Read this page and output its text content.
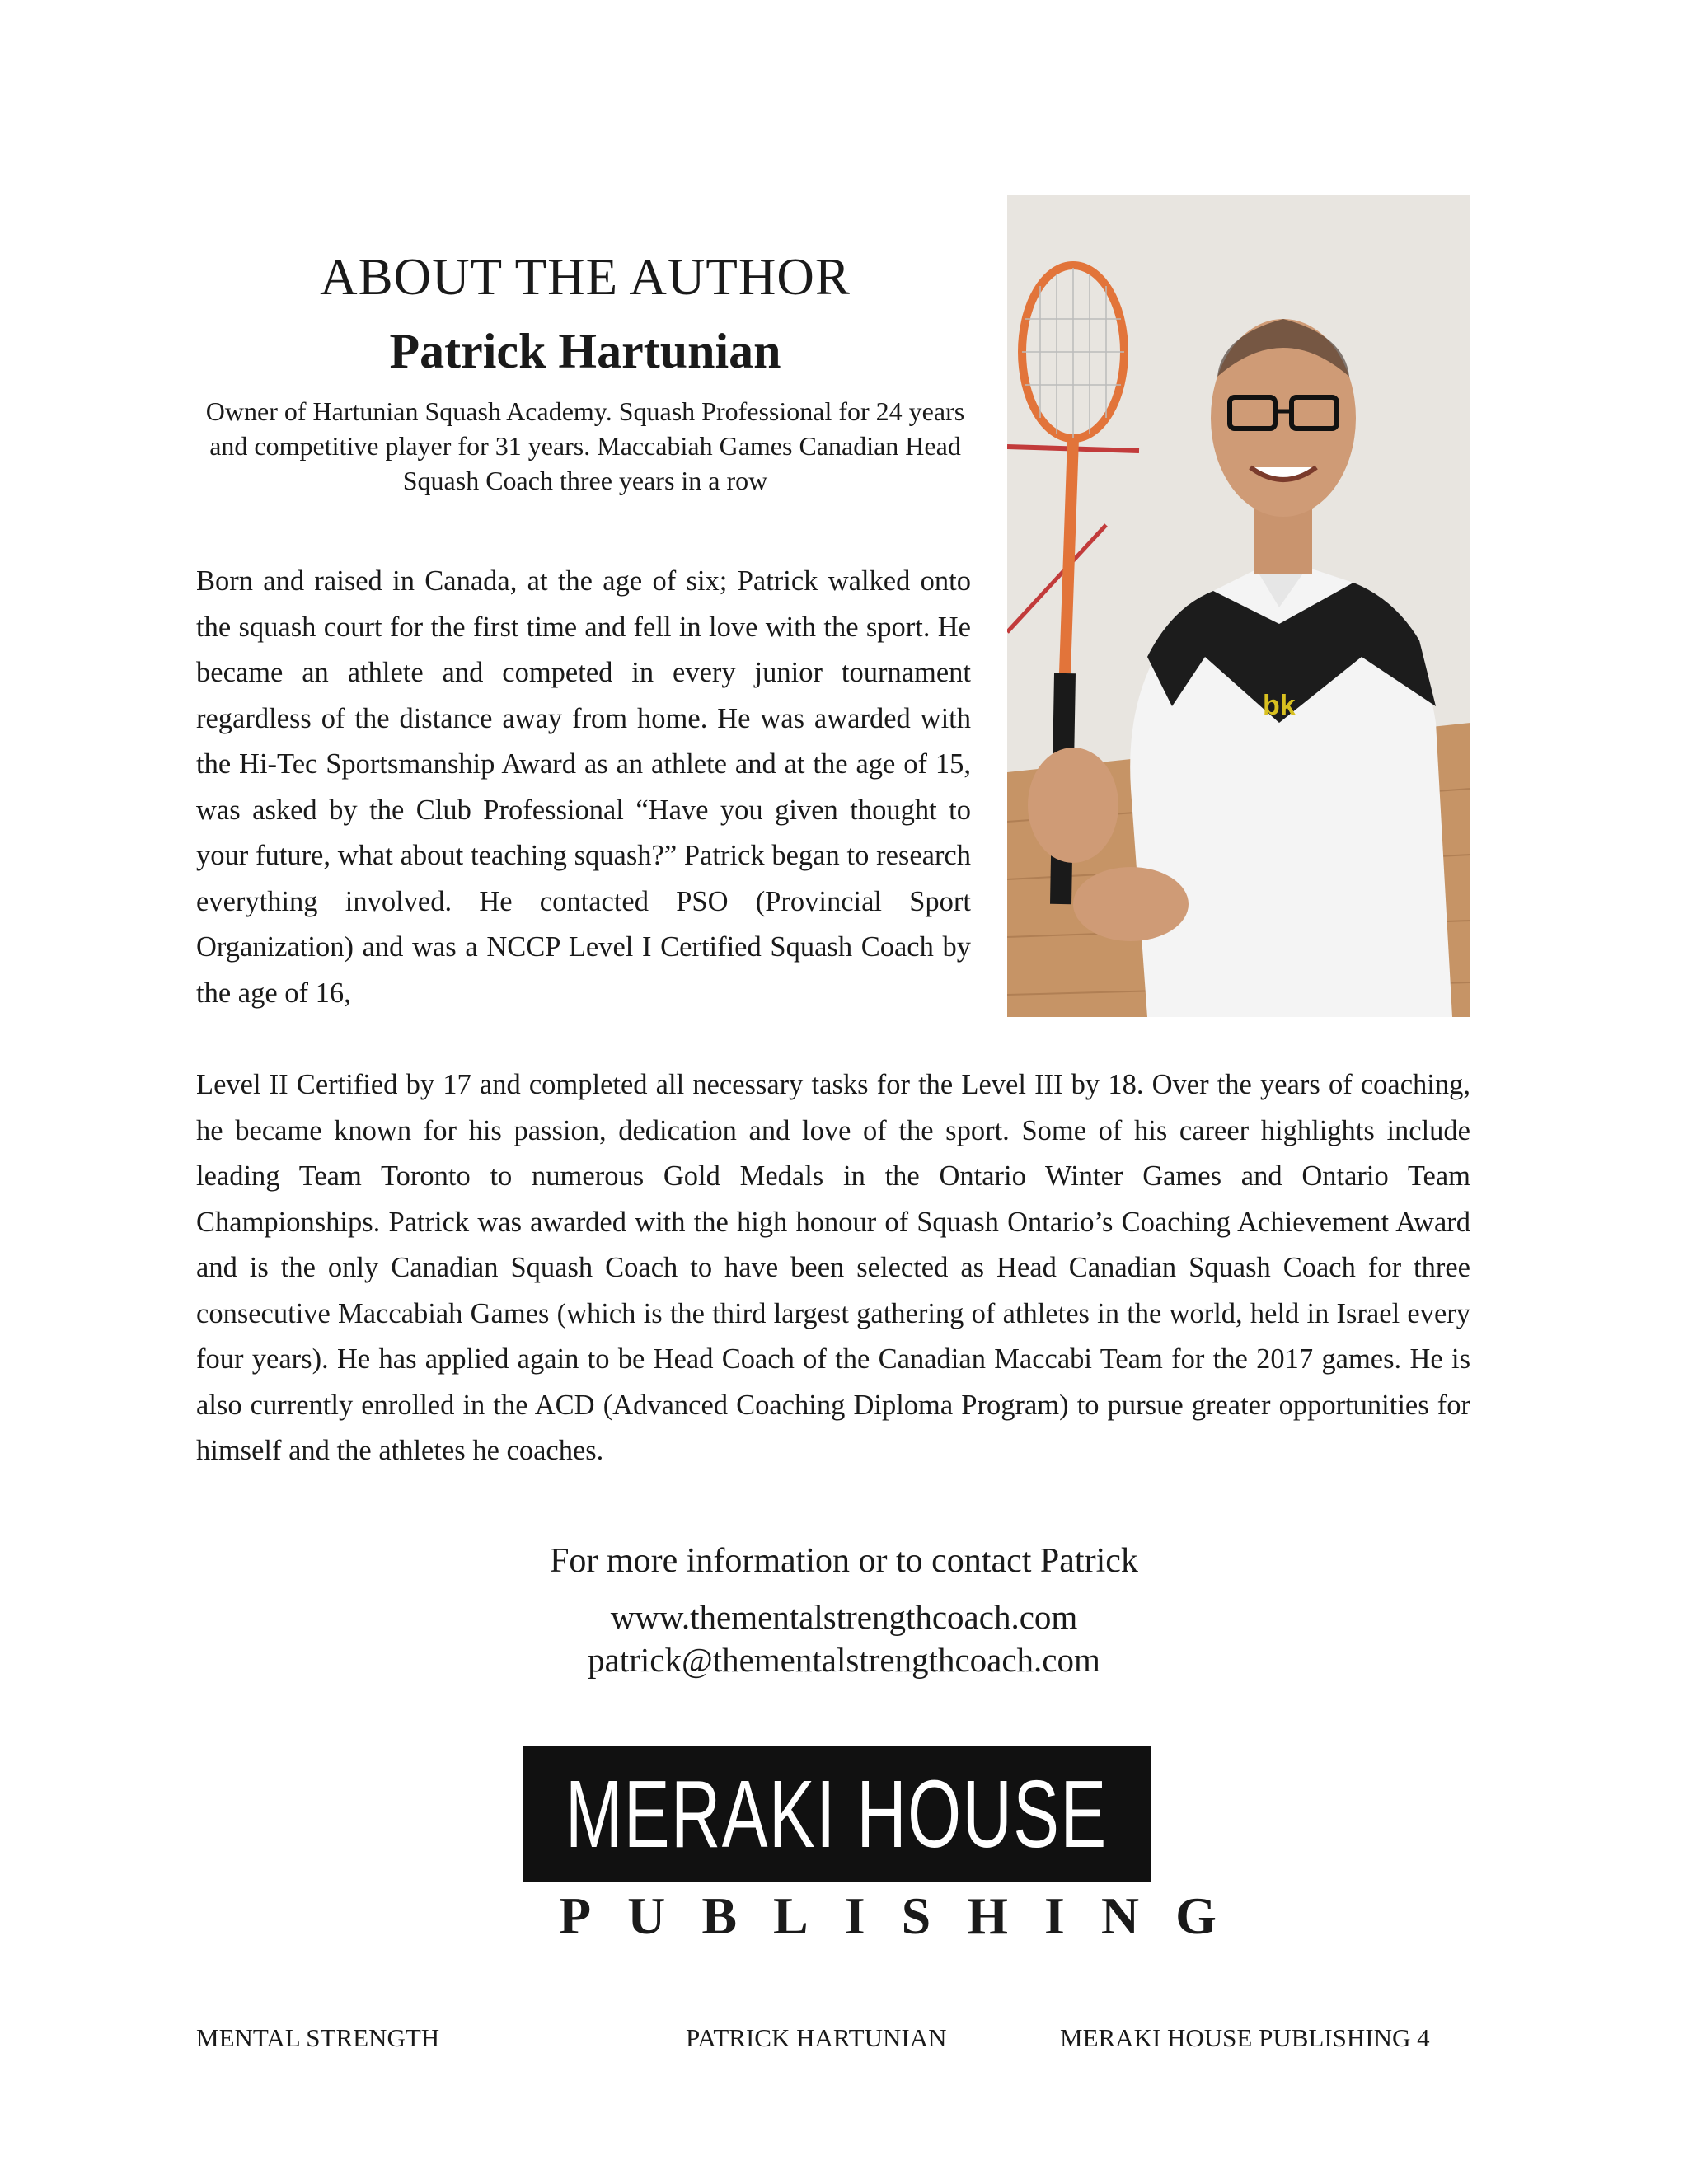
bk
ABOUT THE AUTHOR
Patrick Hartunian

Owner of Hartunian Squash Academy. Squash Professional for 24 years and competitive player for 31 years. Maccabiah Games Canadian Head Squash Coach three years in a row

Born and raised in Canada, at the age of six; Patrick walked onto the squash court for the first time and fell in love with the sport. He became an athlete and competed in every junior tournament regardless of the distance away from home. He was awarded with the Hi-Tec Sportsmanship Award as an athlete and at the age of 15, was asked by the Club Professional “Have you given thought to your future, what about teaching squash?” Patrick began to research everything involved. He contacted PSO (Provincial Sport Organization) and was a NCCP Level I Certified Squash Coach by the age of 16,

Level II Certified by 17 and completed all necessary tasks for the Level III by 18. Over the years of coaching, he became known for his passion, dedication and love of the sport. Some of his career highlights include leading Team Toronto to numerous Gold Medals in the Ontario Winter Games and Ontario Team Championships. Patrick was awarded with the high honour of Squash Ontario’s Coaching Achievement Award and is the only Canadian Squash Coach to have been selected as Head Canadian Squash Coach for three consecutive Maccabiah Games (which is the third largest gathering of athletes in the world, held in Israel every four years). He has applied again to be Head Coach of the Canadian Maccabi Team for the 2017 games. He is also currently enrolled in the ACD (Advanced Coaching Diploma Program) to pursue greater opportunities for himself and the athletes he coaches.

For more information or to contact Patrick

www.thementalstrengthcoach.com

patrick@thementalstrengthcoach.com

MERAKI HOUSE
PUBLISHING

MENTAL STRENGTH	PATRICK HARTUNIAN	MERAKI HOUSE PUBLISHING 4
